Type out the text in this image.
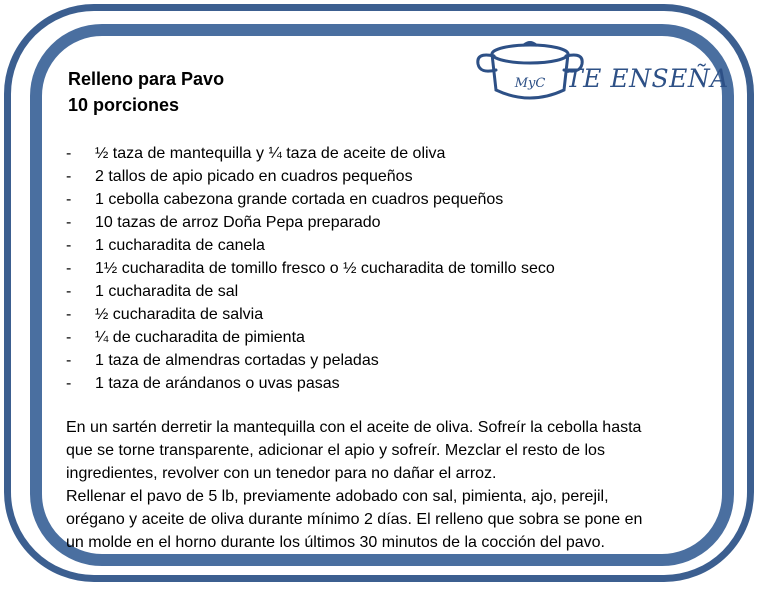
MyC TE ENSEÑA
Relleno para Pavo
10 porciones
- ½ taza de mantequilla y ¼ taza de aceite de oliva
- 2 tallos de apio picado en cuadros pequeños
- 1 cebolla cabezona grande cortada en cuadros pequeños
- 10 tazas de arroz Doña Pepa preparado
- 1 cucharadita de canela
- 1½ cucharadita de tomillo fresco o ½ cucharadita de tomillo seco
- 1 cucharadita de sal
- ½ cucharadita de salvia
- ¼ de cucharadita de pimienta
- 1 taza de almendras cortadas y peladas
- 1 taza de arándanos o uvas pasas

En un sartén derretir la mantequilla con el aceite de oliva. Sofreír la cebolla hasta

que se torne transparente, adicionar el apio y sofreír. Mezclar el resto de los

ingredientes, revolver con un tenedor para no dañar el arroz.

Rellenar el pavo de 5 lb, previamente adobado con sal, pimienta, ajo, perejil,

orégano y aceite de oliva durante mínimo 2 días. El relleno que sobra se pone en

un molde en el horno durante los últimos 30 minutos de la cocción del pavo.
